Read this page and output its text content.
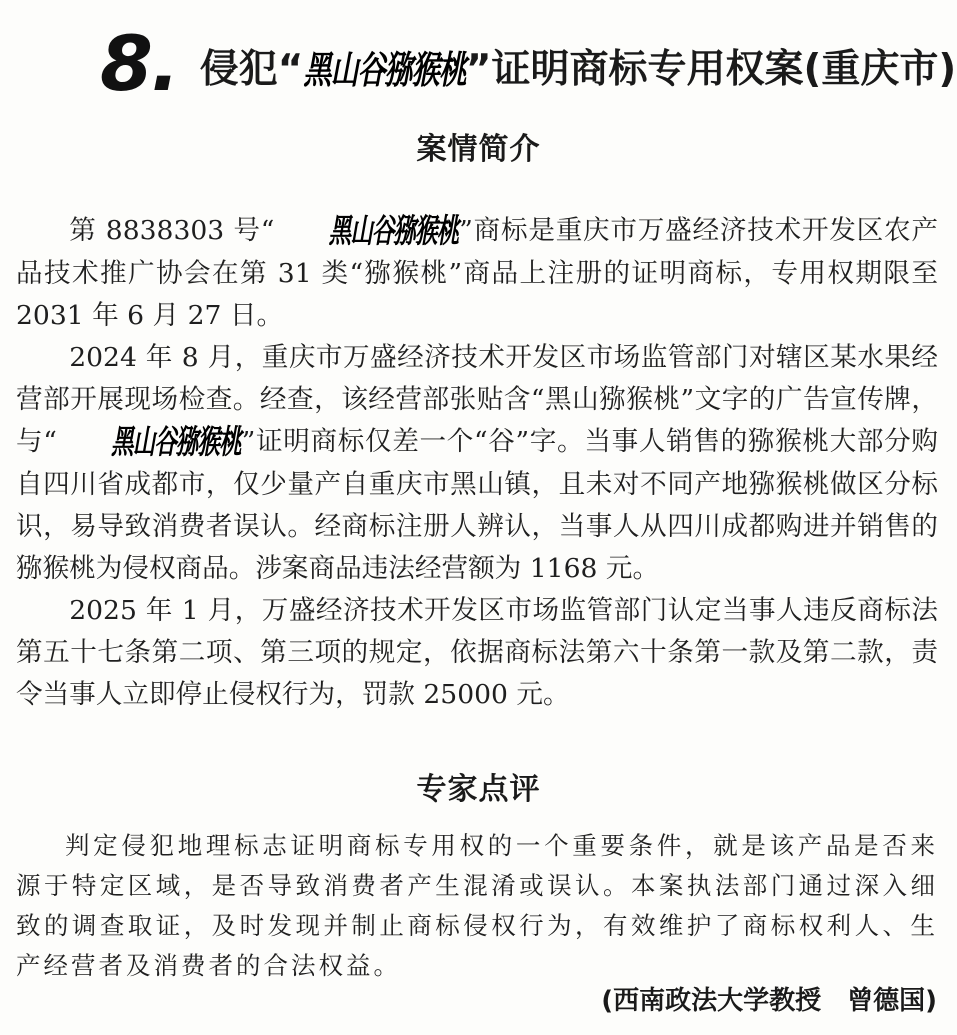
8. 侵犯“黑山谷猕猴桃”证明商标专用权案(重庆市)
案情简介

第 8838303 号“ 黑山谷猕猴桃”商标是重庆市万盛经济技术开发区农产品技术推广协会在第 31 类“猕猴桃”商品上注册的证明商标，专用权期限至 2031 年 6 月 27 日。

2024 年 8 月，重庆市万盛经济技术开发区市场监管部门对辖区某水果经营部开展现场检查。经查，该经营部张贴含“黑山猕猴桃”文字的广告宣传牌，与“ 黑山谷猕猴桃”证明商标仅差一个“谷”字。当事人销售的猕猴桃大部分购自四川省成都市，仅少量产自重庆市黑山镇，且未对不同产地猕猴桃做区分标识，易导致消费者误认。经商标注册人辨认，当事人从四川成都购进并销售的猕猴桃为侵权商品。涉案商品违法经营额为 1168 元。

2025 年 1 月，万盛经济技术开发区市场监管部门认定当事人违反商标法第五十七条第二项、第三项的规定，依据商标法第六十条第一款及第二款，责令当事人立即停止侵权行为，罚款 25000 元。

专家点评

判定侵犯地理标志证明商标专用权的一个重要条件，就是该产品是否来源于特定区域，是否导致消费者产生混淆或误认。本案执法部门通过深入细致的调查取证，及时发现并制止商标侵权行为，有效维护了商标权利人、生产经营者及消费者的合法权益。

(西南政法大学教授　曾德国)
